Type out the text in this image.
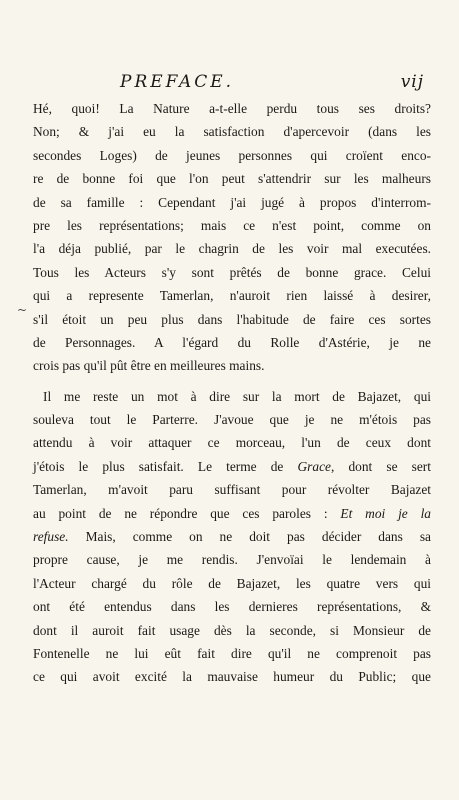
PREFACE.	vij
~
Hé, quoi! La Nature a-t-elle perdu tous ses droits?
Non; & j'ai eu la satisfaction d'apercevoir (dans les
secondes Loges) de jeunes personnes qui croïent enco-
re de bonne foi que l'on peut s'attendrir sur les malheurs
de sa famille : Cependant j'ai jugé à propos d'interrom-
pre les représentations; mais ce n'est point, comme on
l'a déja publié, par le chagrin de les voir mal executées.
Tous les Acteurs s'y sont prêtés de bonne grace. Celui
qui a represente Tamerlan, n'auroit rien laissé à desirer,
s'il étoit un peu plus dans l'habitude de faire ces sortes
de Personnages. A l'égard du Rolle d'Astérie, je ne
crois pas qu'il pût être en meilleures mains.
Il me reste un mot à dire sur la mort de Bajazet, qui
souleva tout le Parterre. J'avoue que je ne m'étois pas
attendu à voir attaquer ce morceau, l'un de ceux dont
j'étois le plus satisfait. Le terme de Grace, dont se sert
Tamerlan, m'avoit paru suffisant pour révolter Bajazet
au point de ne répondre que ces paroles : Et moi je la
refuse. Mais, comme on ne doit pas décider dans sa
propre cause, je me rendis. J'envoïai le lendemain à
l'Acteur chargé du rôle de Bajazet, les quatre vers qui
ont été entendus dans les dernieres représentations, &
dont il auroit fait usage dès la seconde, si Monsieur de
Fontenelle ne lui eût fait dire qu'il ne comprenoit pas
ce qui avoit excité la mauvaise humeur du Public; que
